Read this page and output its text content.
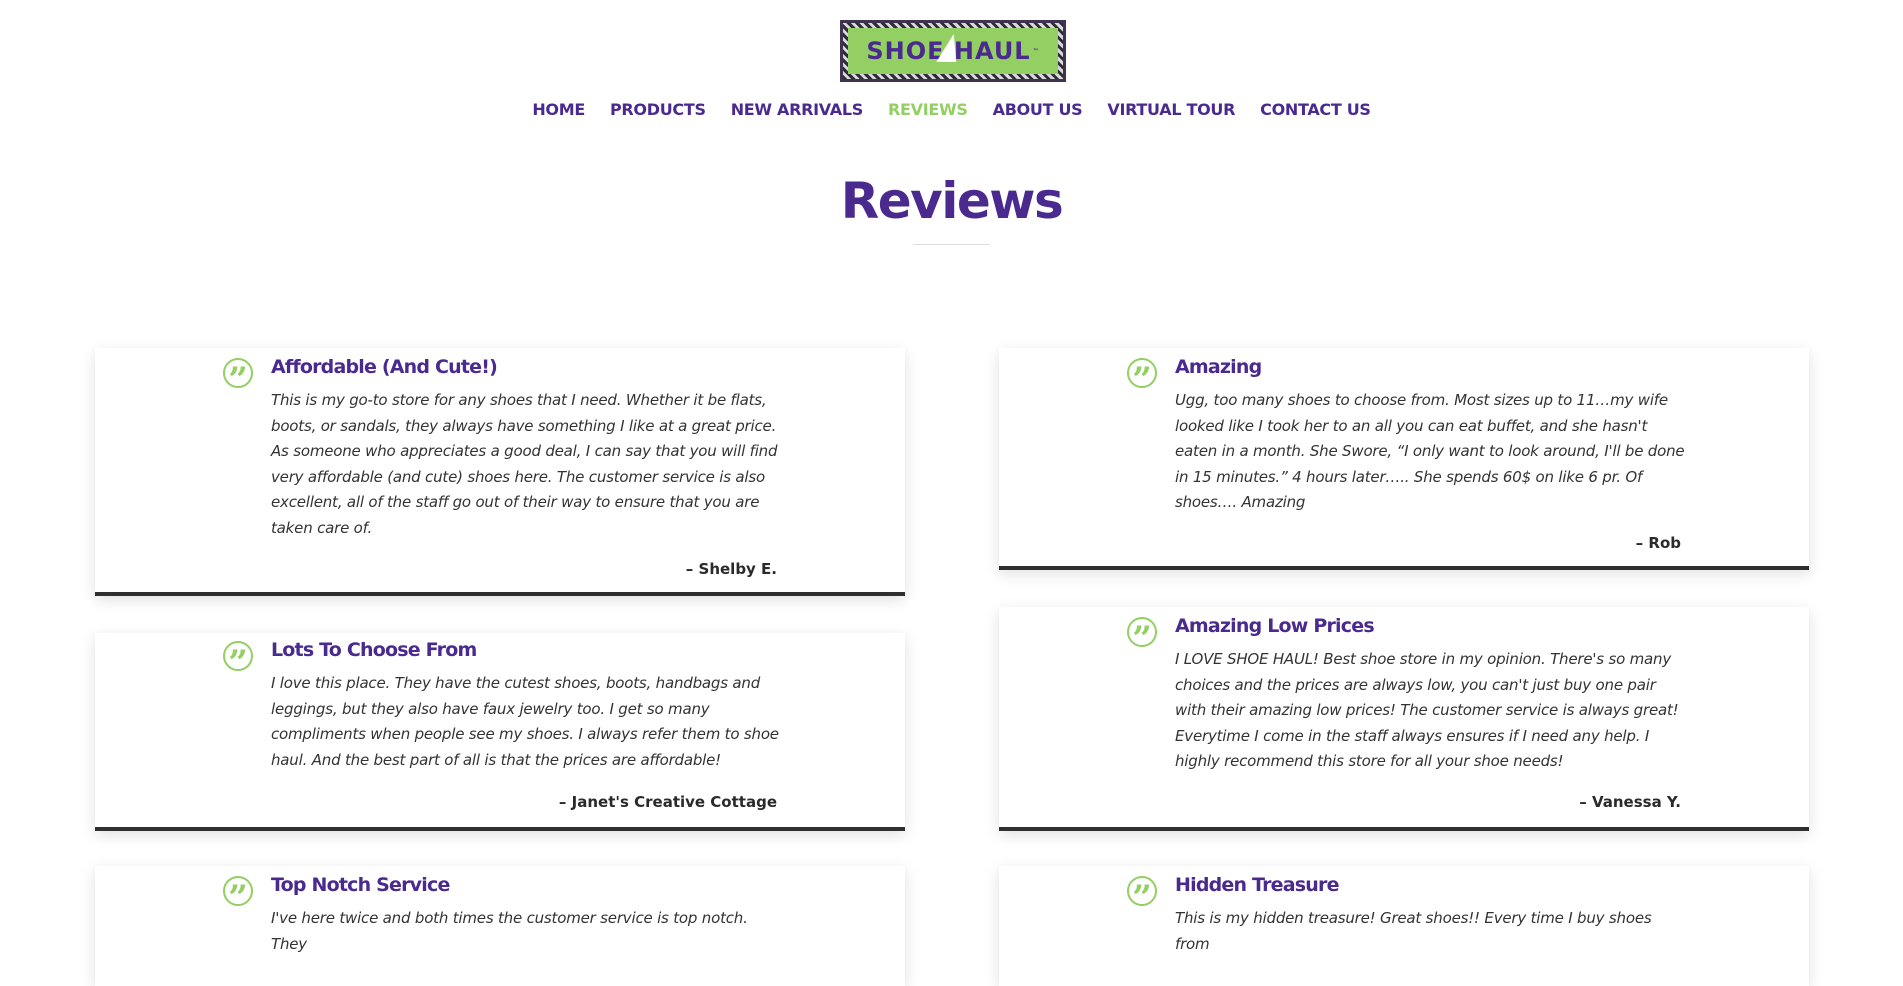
SHOE HAUL ™
HOME PRODUCTS NEW ARRIVALS REVIEWS ABOUT US VIRTUAL TOUR CONTACT US
Reviews
” Affordable (And Cute!)
This is my go-to store for any shoes that I need. Whether it be flats, boots, or sandals, they always have something I like at a great price. As someone who appreciates a good deal, I can say that you will find very affordable (and cute) shoes here. The customer service is also excellent, all of the staff go out of their way to ensure that you are taken care of.
– Shelby E.
” Amazing
Ugg, too many shoes to choose from. Most sizes up to 11…my wife looked like I took her to an all you can eat buffet, and she hasn't eaten in a month. She Swore, “I only want to look around, I'll be done in 15 minutes.” 4 hours later….. She spends 60$ on like 6 pr. Of shoes…. Amazing
– Rob
” Lots To Choose From
I love this place. They have the cutest shoes, boots, handbags and leggings, but they also have faux jewelry too. I get so many compliments when people see my shoes. I always refer them to shoe haul. And the best part of all is that the prices are affordable!
– Janet's Creative Cottage
” Amazing Low Prices
I LOVE SHOE HAUL! Best shoe store in my opinion. There's so many choices and the prices are always low, you can't just buy one pair with their amazing low prices! The customer service is always great! Everytime I come in the staff always ensures if I need any help. I highly recommend this store for all your shoe needs!
– Vanessa Y.
” Top Notch Service
I've here twice and both times the customer service is top notch. They
” Hidden Treasure
This is my hidden treasure! Great shoes!! Every time I buy shoes from
